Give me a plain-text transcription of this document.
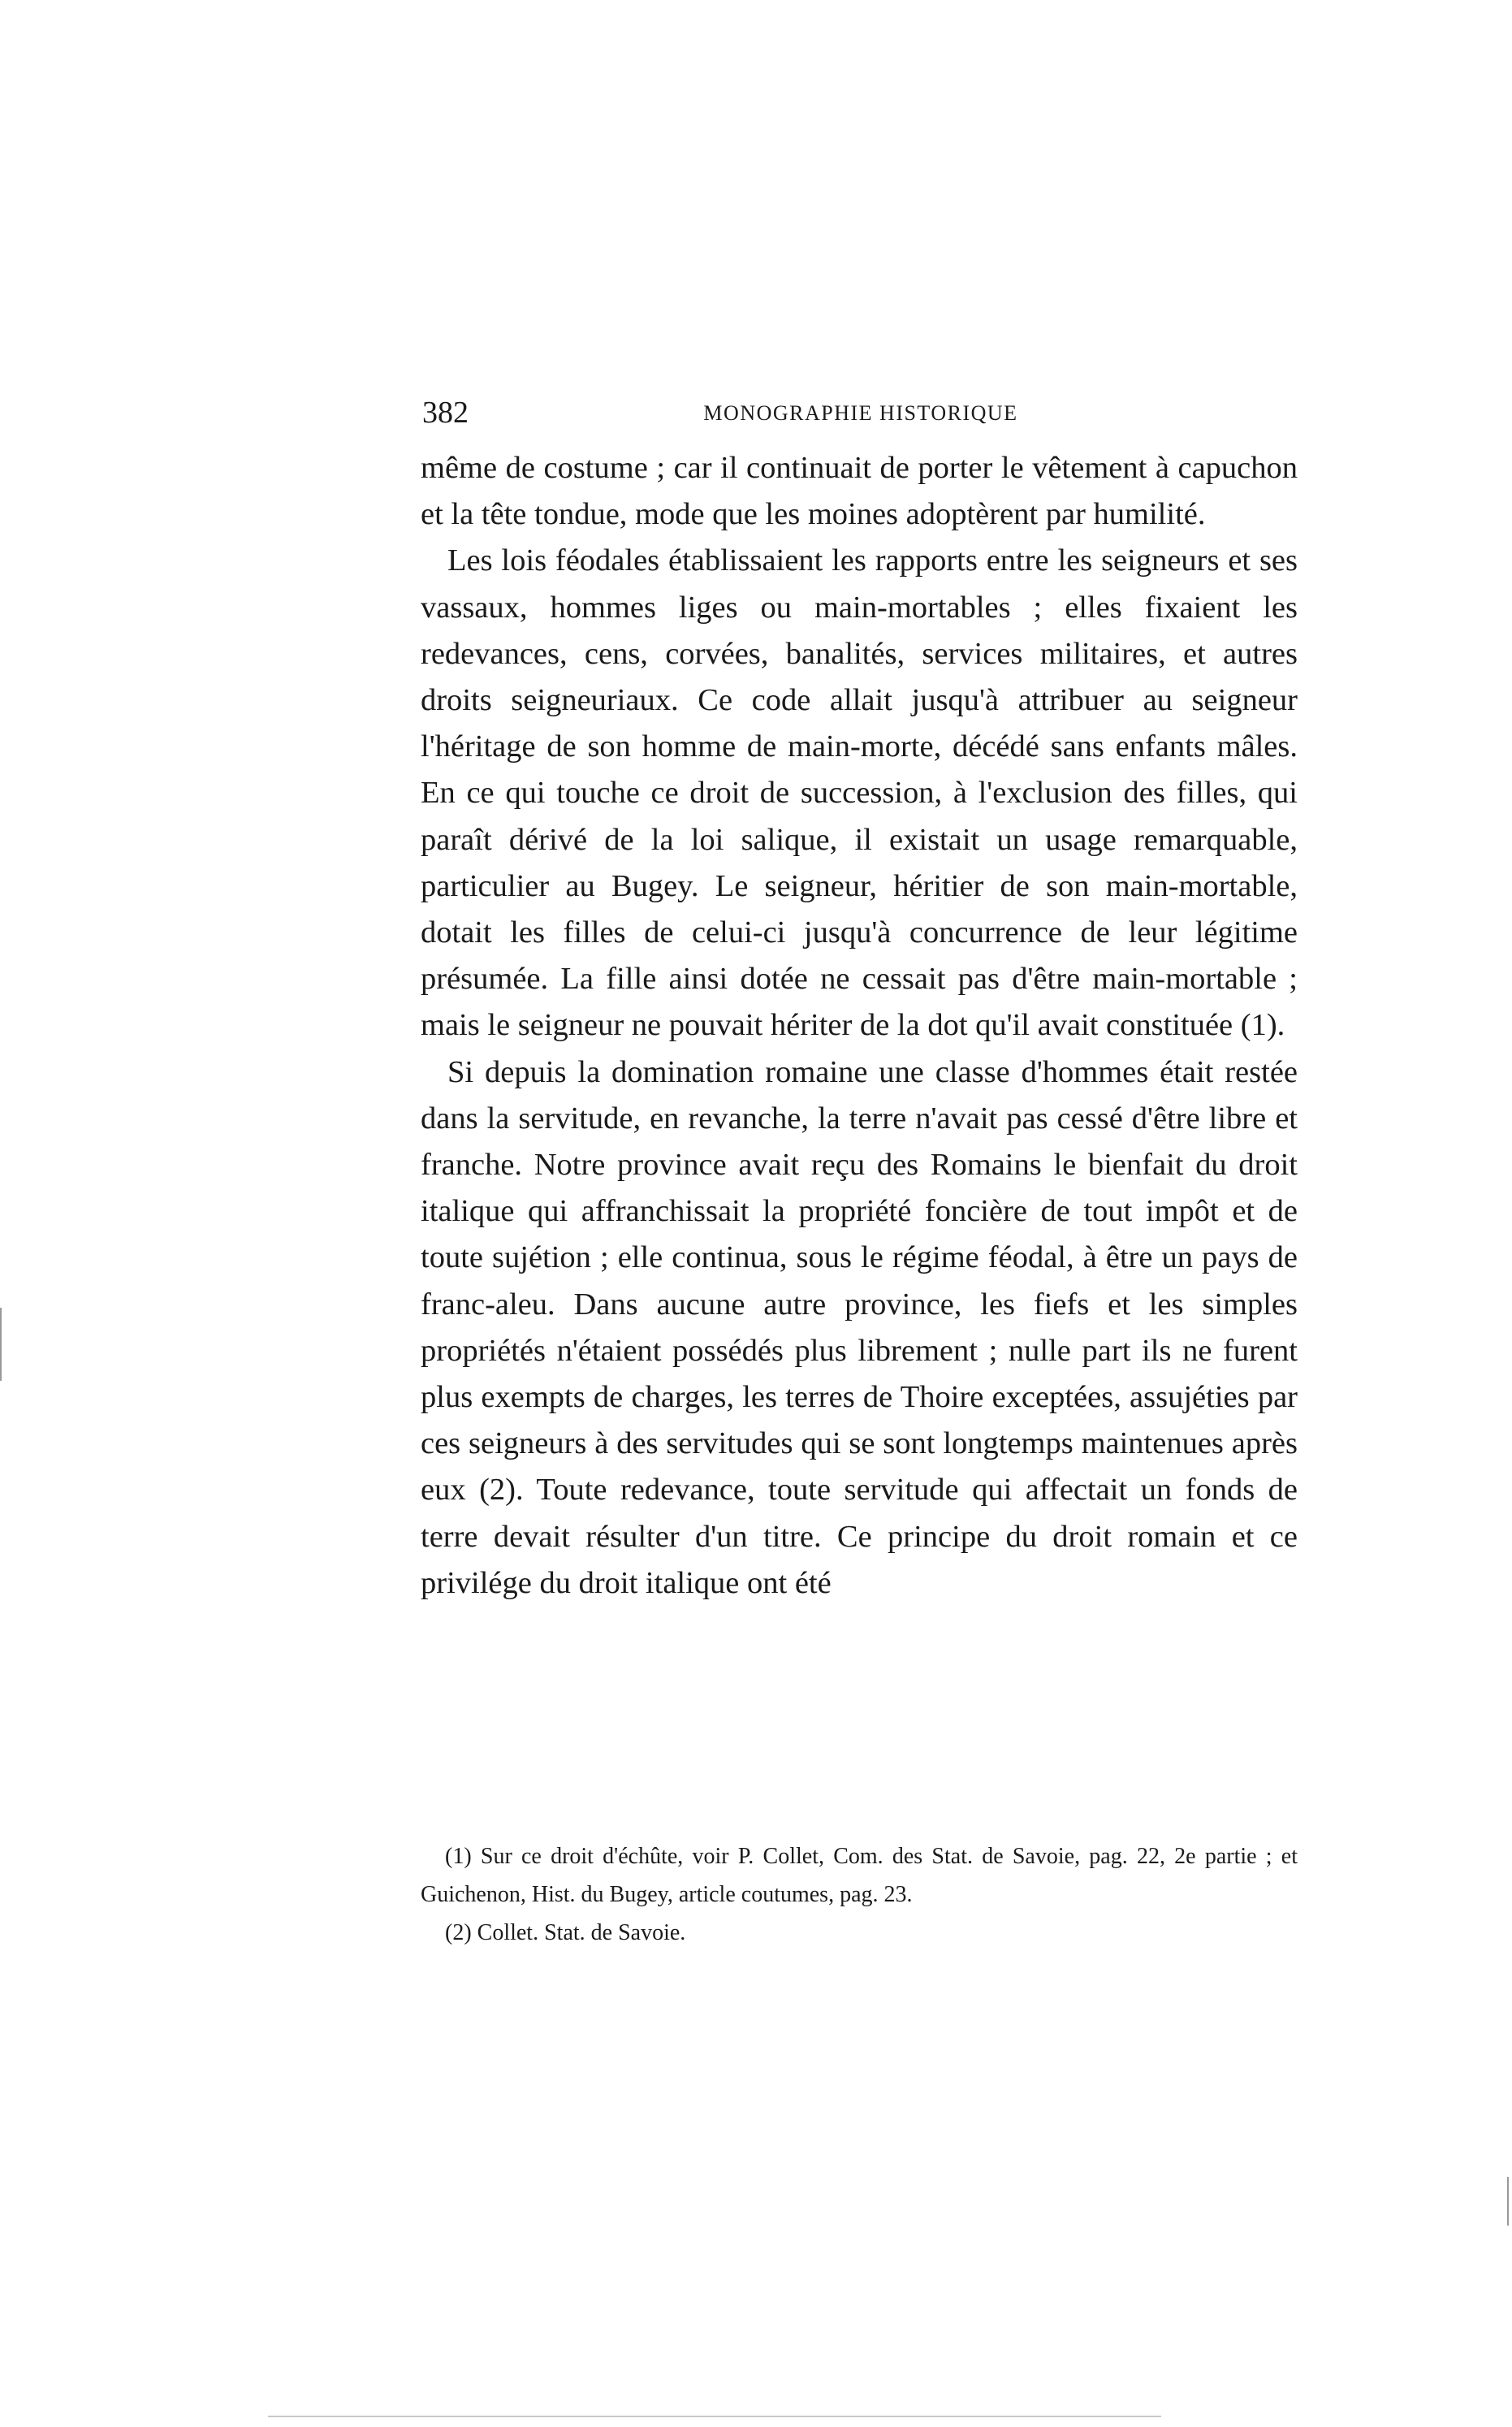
382	MONOGRAPHIE HISTORIQUE

même de costume ; car il continuait de porter le vêtement à capuchon et la tête tondue, mode que les moines adoptèrent par humilité.

Les lois féodales établissaient les rapports entre les seigneurs et ses vassaux, hommes liges ou main-mortables ; elles fixaient les redevances, cens, corvées, banalités, services militaires, et autres droits seigneuriaux. Ce code allait jusqu'à attribuer au seigneur l'héritage de son homme de main-morte, décédé sans enfants mâles. En ce qui touche ce droit de succession, à l'exclusion des filles, qui paraît dérivé de la loi salique, il existait un usage remarquable, particulier au Bugey. Le seigneur, héritier de son main-mortable, dotait les filles de celui-ci jusqu'à concurrence de leur légitime présumée. La fille ainsi dotée ne cessait pas d'être main-mortable ; mais le seigneur ne pouvait hériter de la dot qu'il avait constituée (1).

Si depuis la domination romaine une classe d'hommes était restée dans la servitude, en revanche, la terre n'avait pas cessé d'être libre et franche. Notre province avait reçu des Romains le bienfait du droit italique qui affranchissait la propriété foncière de tout impôt et de toute sujétion ; elle continua, sous le régime féodal, à être un pays de franc-aleu. Dans aucune autre province, les fiefs et les simples propriétés n'étaient possédés plus librement ; nulle part ils ne furent plus exempts de charges, les terres de Thoire exceptées, assujéties par ces seigneurs à des servitudes qui se sont longtemps maintenues après eux (2). Toute redevance, toute servitude qui affectait un fonds de terre devait résulter d'un titre. Ce principe du droit romain et ce privilége du droit italique ont été

(1) Sur ce droit d'échûte, voir P. Collet, Com. des Stat. de Savoie, pag. 22, 2e partie ; et Guichenon, Hist. du Bugey, article coutumes, pag. 23.

(2) Collet. Stat. de Savoie.
